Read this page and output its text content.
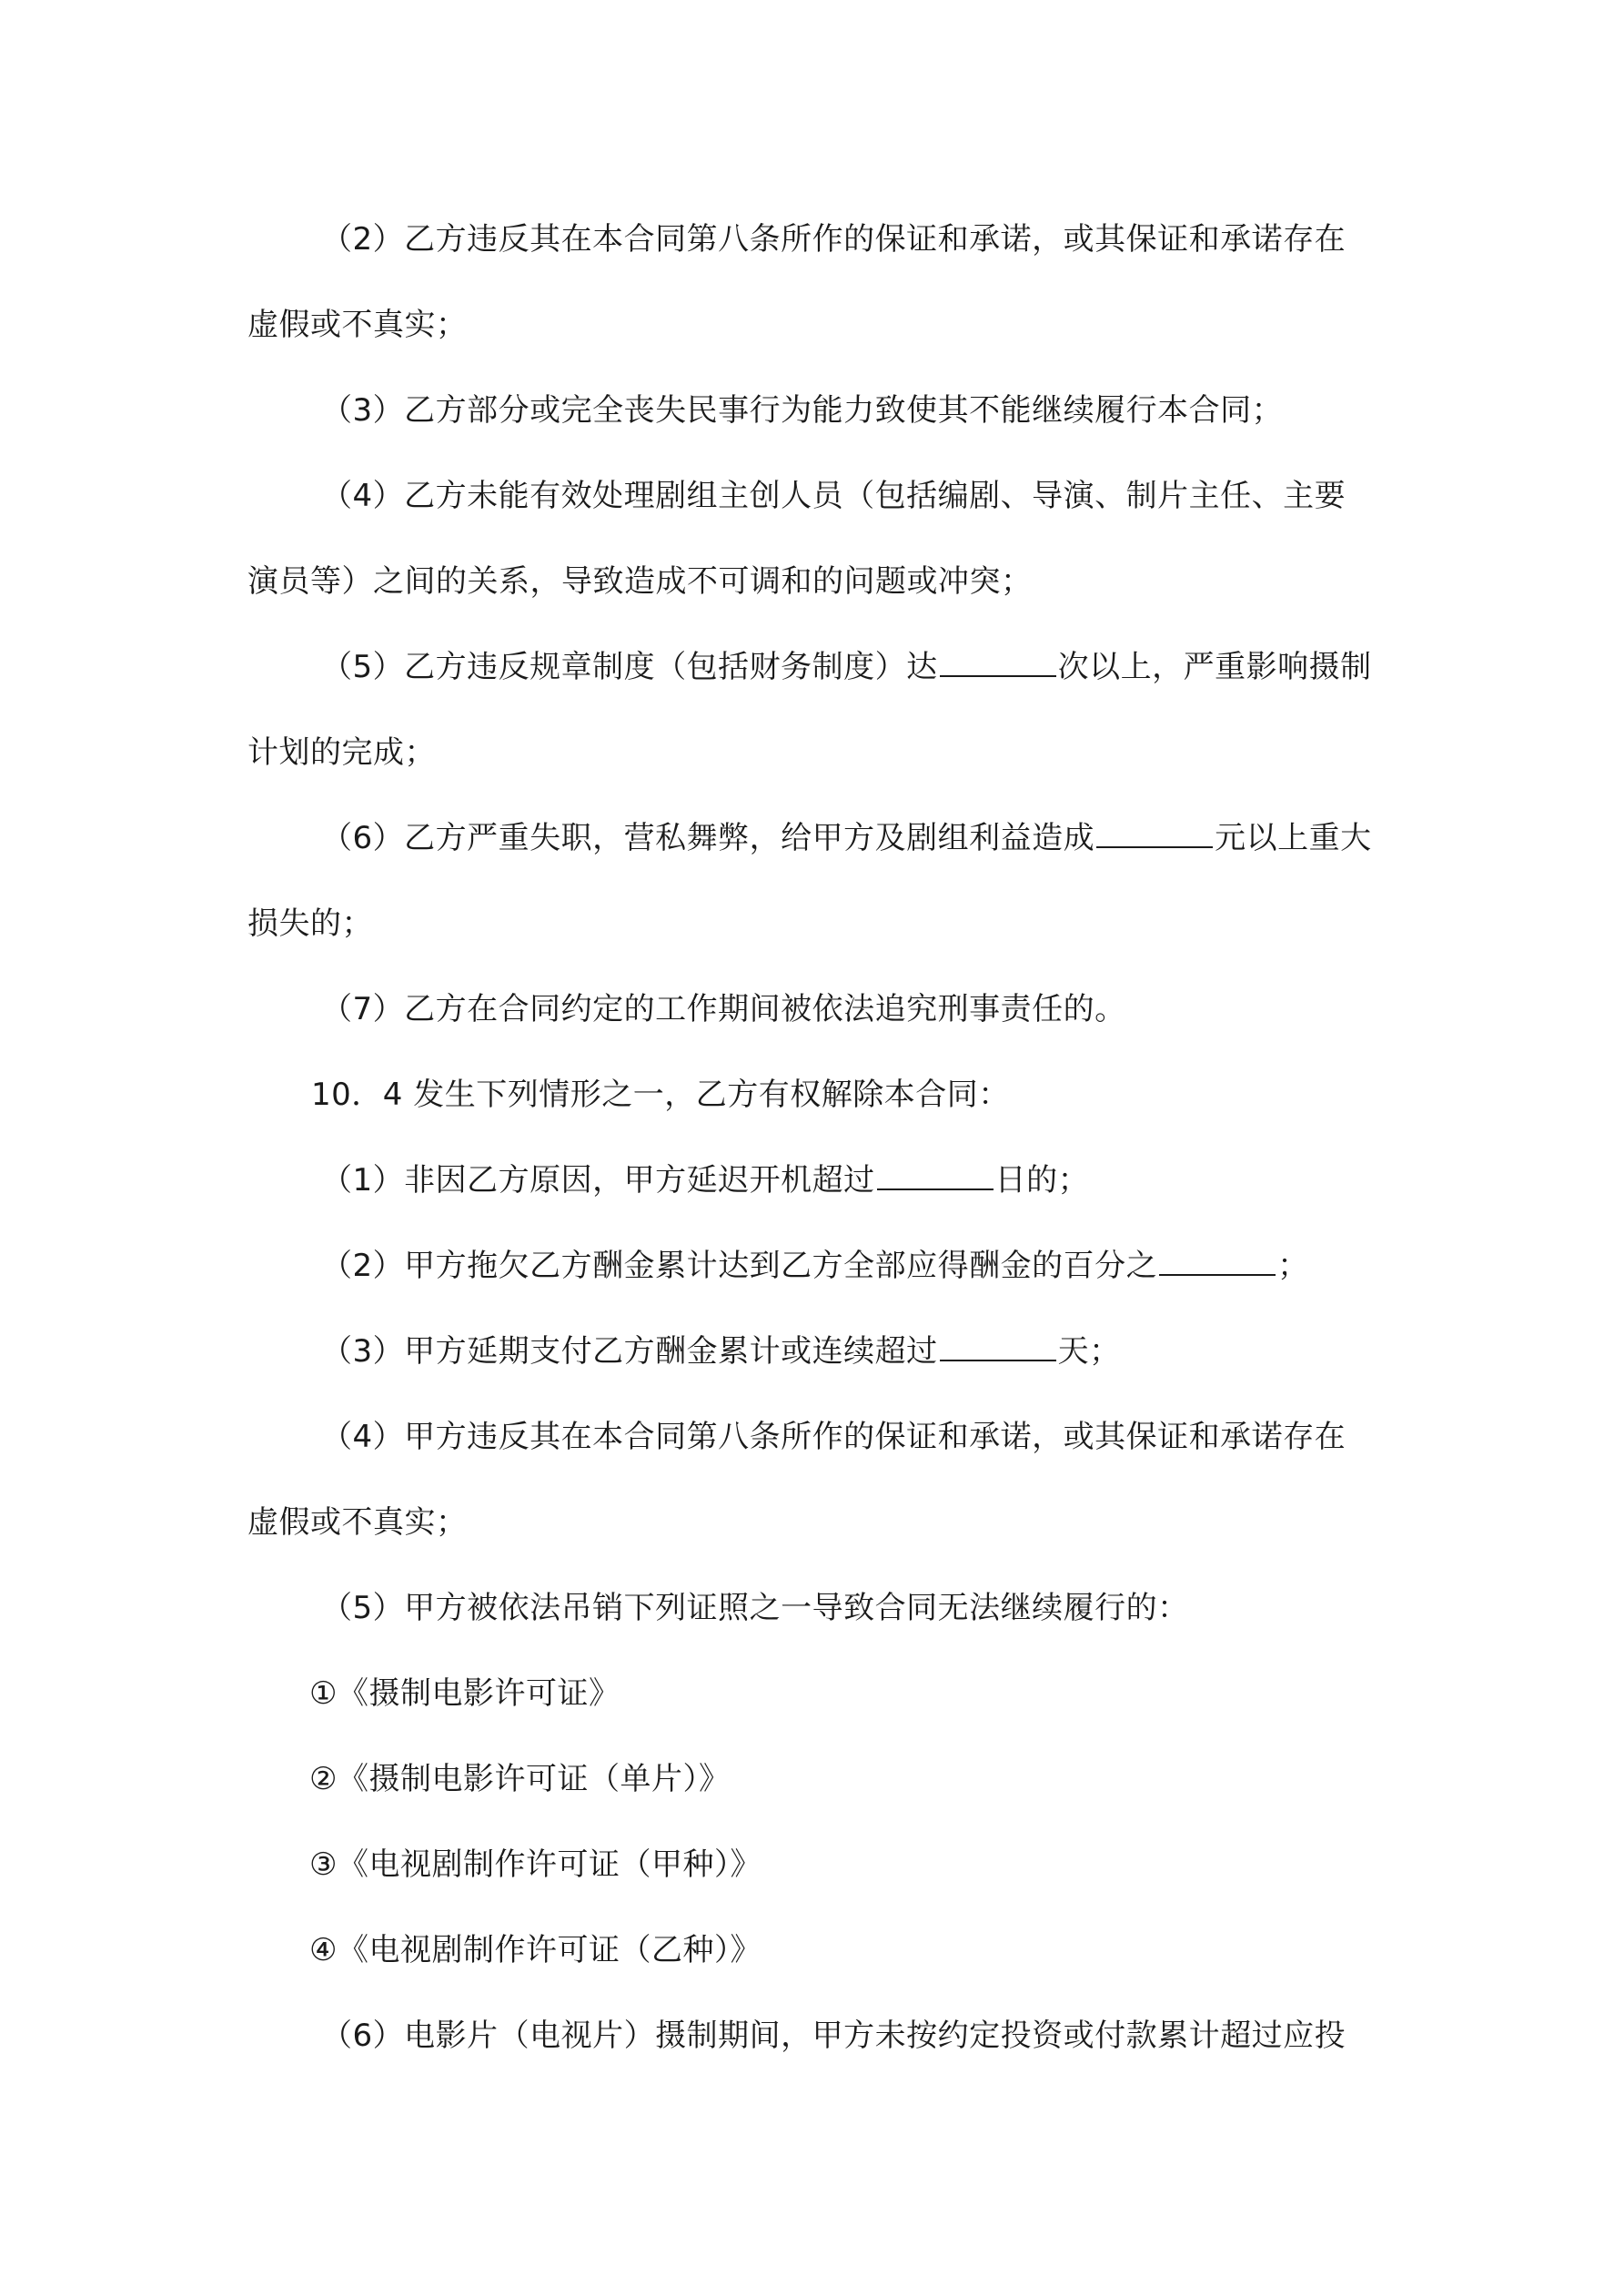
（2）乙方违反其在本合同第八条所作的保证和承诺，或其保证和承诺存在
虚假或不真实；
（3）乙方部分或完全丧失民事行为能力致使其不能继续履行本合同；
（4）乙方未能有效处理剧组主创人员（包括编剧、导演、制片主任、主要
演员等）之间的关系，导致造成不可调和的问题或冲突；
（5）乙方违反规章制度（包括财务制度）达	次以上，严重影响摄制
计划的完成；
（6）乙方严重失职，营私舞弊，给甲方及剧组利益造成	元以上重大
损失的；
（7）乙方在合同约定的工作期间被依法追究刑事责任的。
10．4 发生下列情形之一，乙方有权解除本合同：
（1）非因乙方原因，甲方延迟开机超过	日的；
（2）甲方拖欠乙方酬金累计达到乙方全部应得酬金的百分之	；
（3）甲方延期支付乙方酬金累计或连续超过	天；
（4）甲方违反其在本合同第八条所作的保证和承诺，或其保证和承诺存在
虚假或不真实；
（5）甲方被依法吊销下列证照之一导致合同无法继续履行的：
①《摄制电影许可证》
②《摄制电影许可证（单片）》
③《电视剧制作许可证（甲种）》
④《电视剧制作许可证（乙种）》
（6）电影片（电视片）摄制期间，甲方未按约定投资或付款累计超过应投
